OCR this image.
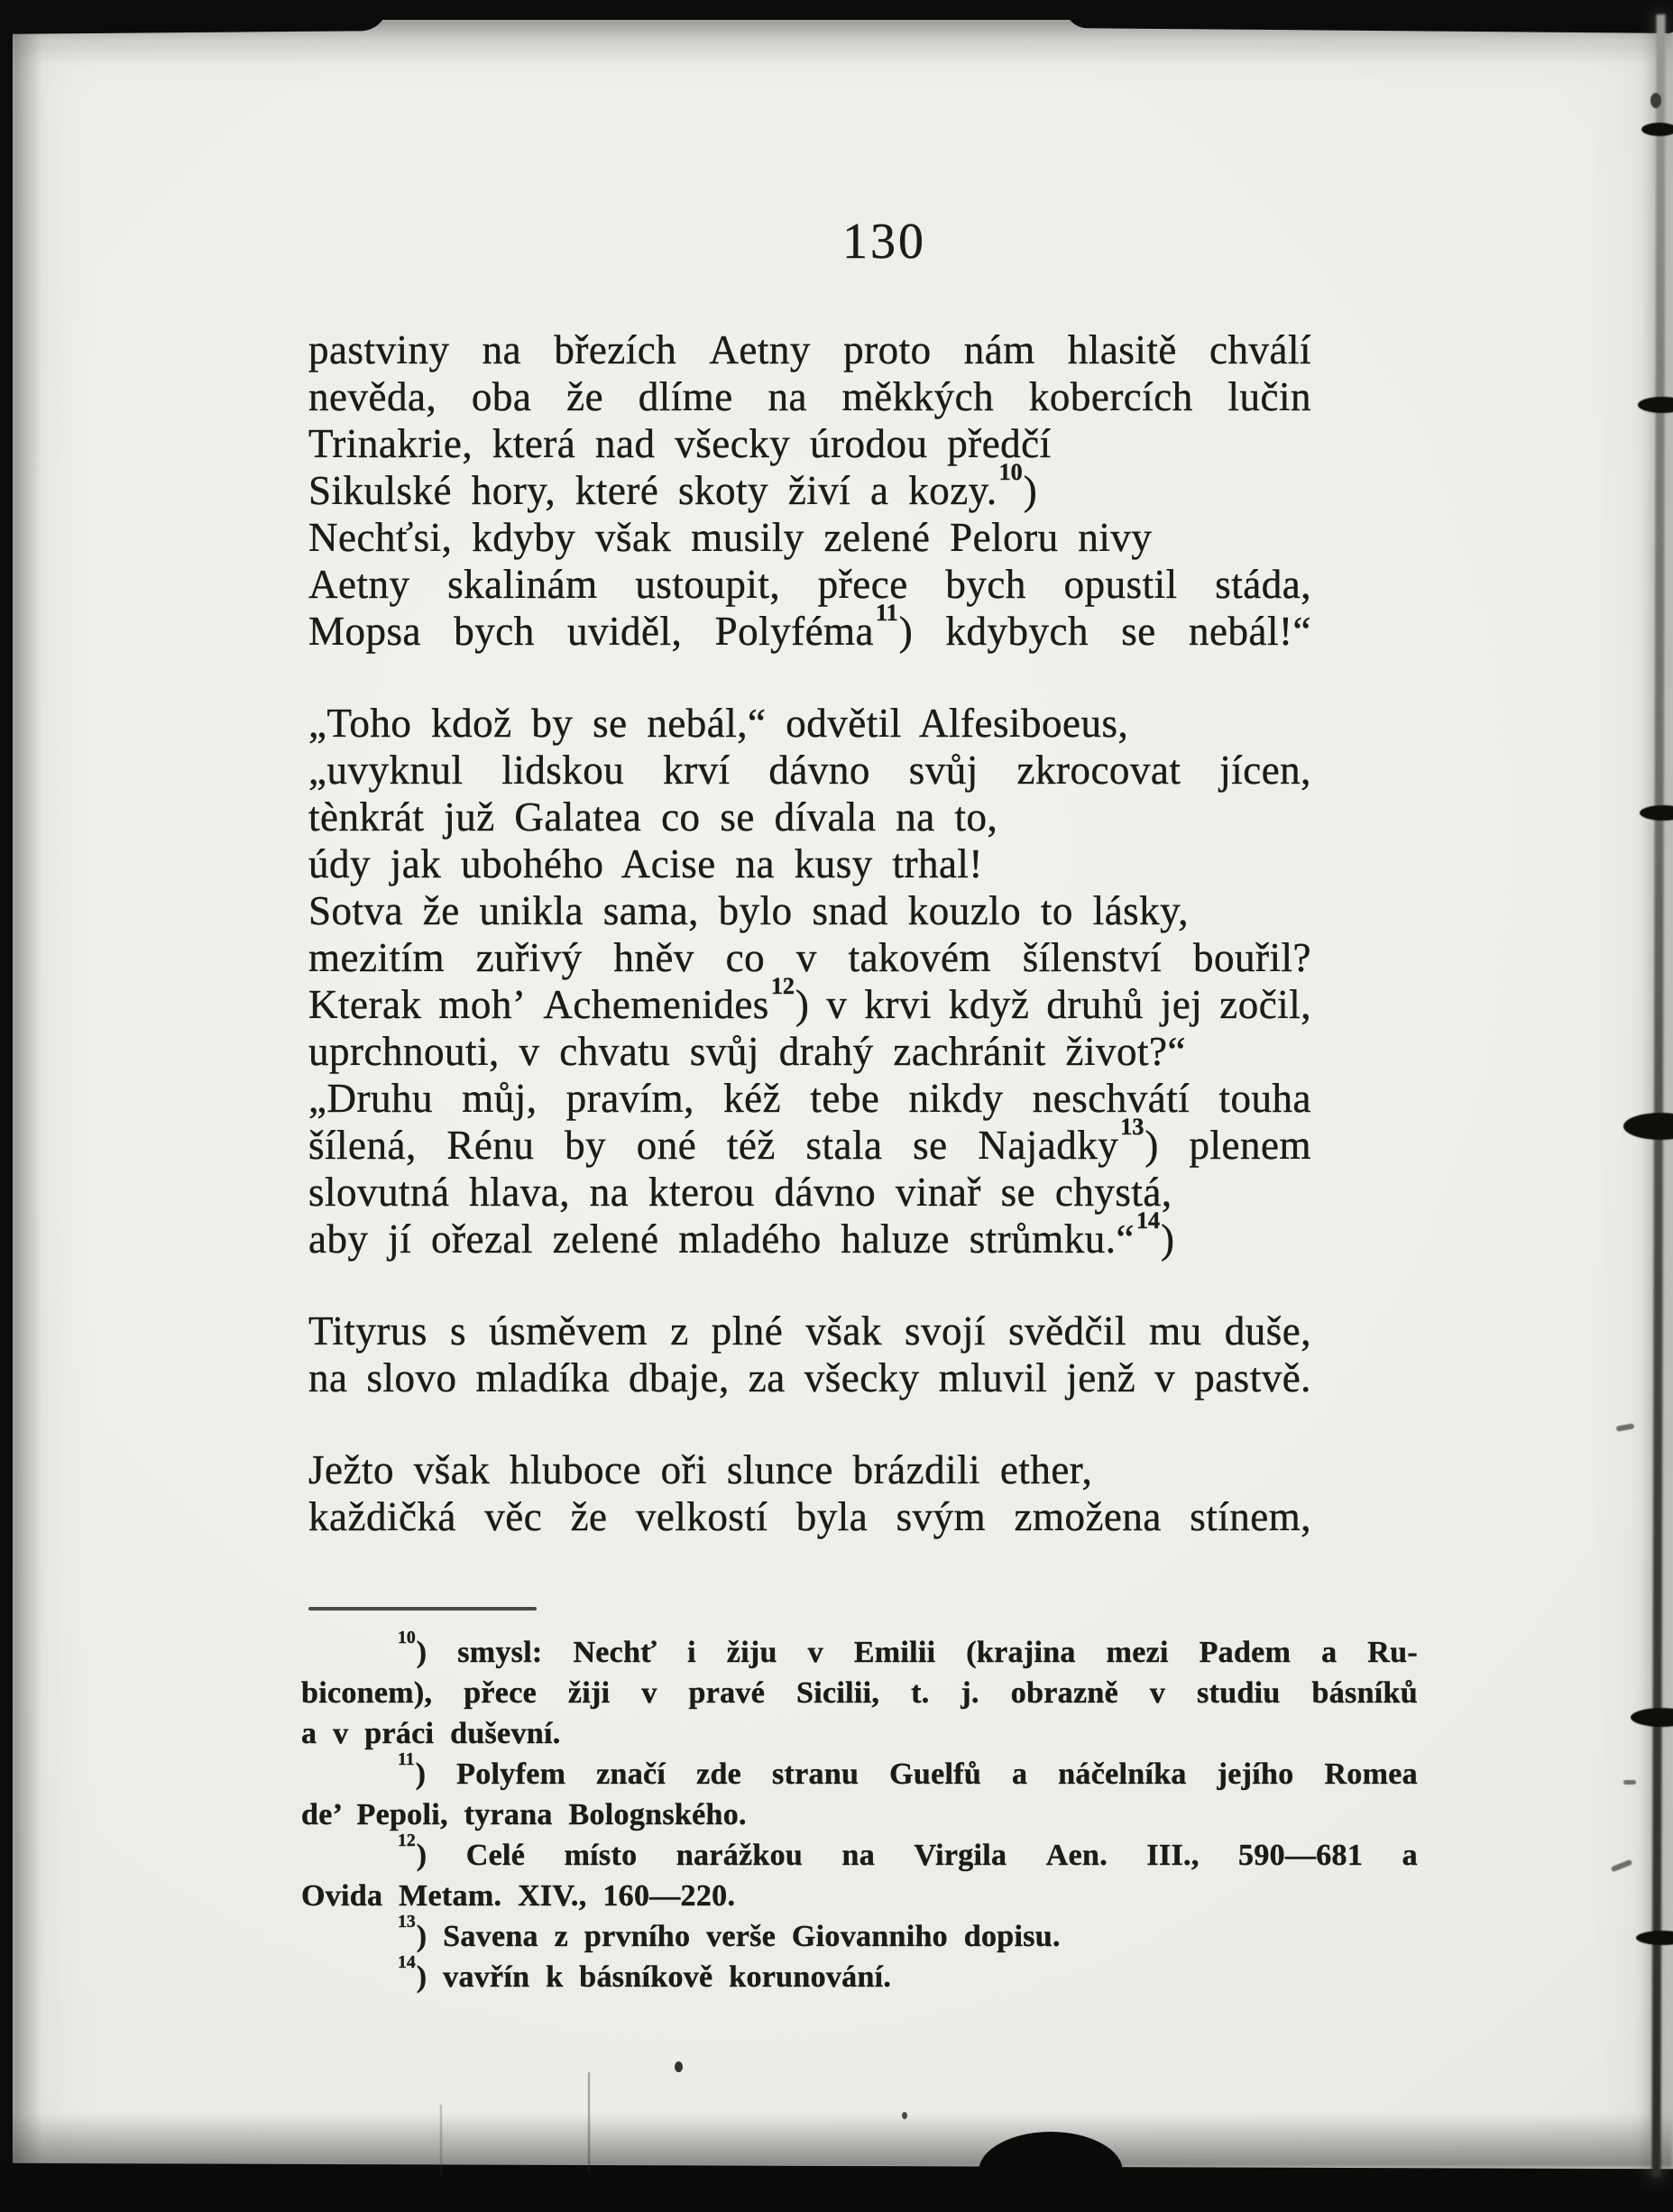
130
pastviny na březích Aetny proto nám hlasitě chválí
nevěda, oba že dlíme na měkkých kobercích lučin
Trinakrie, která nad všecky úrodou předčí
Sikulské hory, které skoty živí a kozy.$^{10}$)
Nechťsi, kdyby však musily zelené Peloru nivy
Aetny skalinám ustoupit, přece bych opustil stáda,
Mopsa bych uviděl, Polyféma$^{11}$) kdybych se nebál!“
„Toho kdož by se nebál,“ odvětil Alfesiboeus,
„uvyknul lidskou krví dávno svůj zkrocovat jícen,
tènkrát juž Galatea co se dívala na to,
údy jak ubohého Acise na kusy trhal!
Sotva že unikla sama, bylo snad kouzlo to lásky,
mezitím zuřivý hněv co v takovém šílenství bouřil?
Kterak moh’ Achemenides$^{12}$) v krvi když druhů jej zočil,
uprchnouti, v chvatu svůj drahý zachránit život?“
„Druhu můj, pravím, kéž tebe nikdy neschvátí touha
šílená, Rénu by oné též stala se Najadky$^{13}$) plenem
slovutná hlava, na kterou dávno vinař se chystá,
aby jí ořezal zelené mladého haluze strůmku.“$^{14}$)
Tityrus s úsměvem z plné však svojí svědčil mu duše,
na slovo mladíka dbaje, za všecky mluvil jenž v pastvě.
Ježto však hluboce oři slunce brázdili ether,
každičká věc že velkostí byla svým zmožena stínem,
$^{10}$) smysl: Nechť i žiju v Emilii (krajina mezi Padem a Ru-
biconem), přece žiji v pravé Sicilii, t. j. obrazně v studiu básníků
a v práci duševní.
$^{11}$) Polyfem značí zde stranu Guelfů a náčelníka jejího Romea
de’ Pepoli, tyrana Bolognského.
$^{12}$) Celé místo narážkou na Virgila Aen. III., 590—681 a
Ovida Metam. XIV., 160—220.
$^{13}$) Savena z prvního verše Giovanniho dopisu.
$^{14}$) vavřín k básníkově korunování.
